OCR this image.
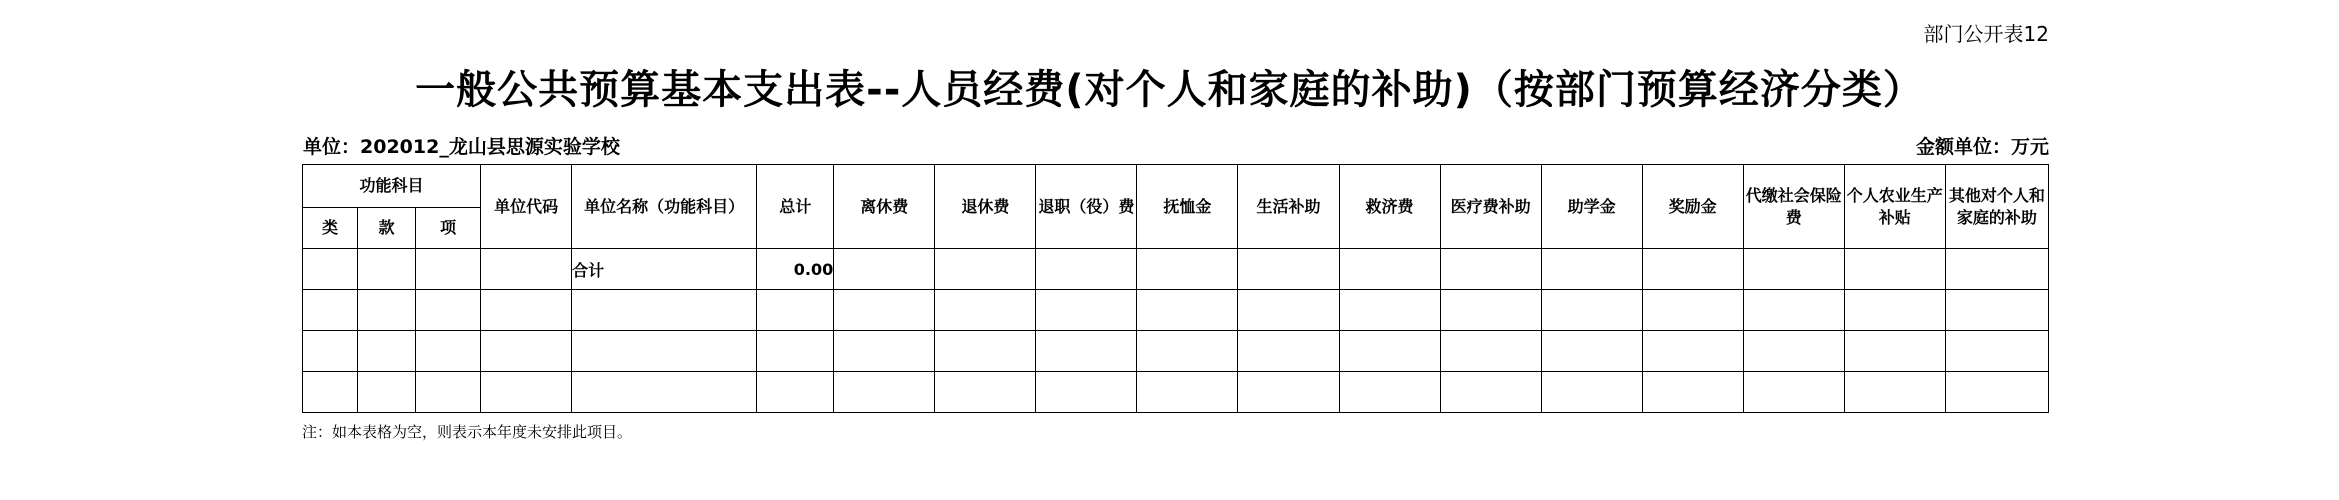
部门公开表12
一般公共预算基本支出表--人员经费(对个人和家庭的补助)（按部门预算经济分类）
单位：202012_龙山县思源实验学校	金额单位：万元
功能科目			单位代码	单位名称（功能科目）	总计	离休费	退休费	退职（役）费	抚恤金	生活补助	救济费	医疗费补助	助学金	奖励金	代缴社会保险费	个人农业生产补贴	其他对个人和家庭的补助
类	款	项															
				合计	0.00												

注：如本表格为空，则表示本年度未安排此项目。
